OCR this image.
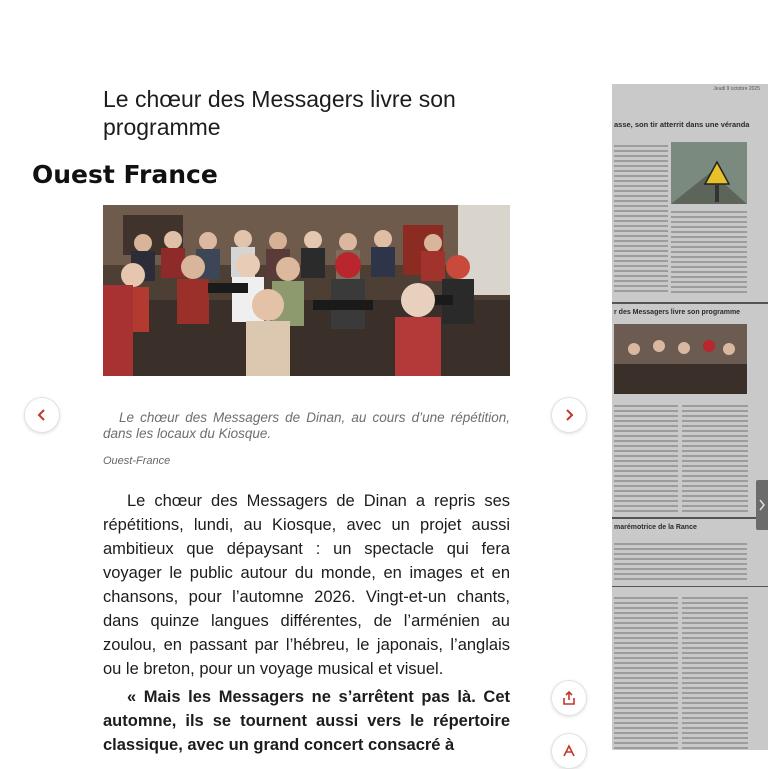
Le chœur des Messagers livre son programme
Ouest France
Le chœur des Messagers de Dinan, au cours d’une répétition, dans les locaux du Kiosque.
Ouest-France

Le chœur des Messagers de Dinan a repris ses répétitions, lundi, au Kiosque, avec un projet aussi ambitieux que dépaysant : un spectacle qui fera voyager le public autour du monde, en images et en chansons, pour l’automne 2026. Vingt-et-un chants, dans quinze langues différentes, de l’arménien au zoulou, en passant par l’hébreu, le japonais, l’anglais ou le breton, pour un voyage musical et visuel.

« Mais les Messagers ne s’arrêtent pas là. Cet automne, ils se tournent aussi vers le répertoire classique, avec un grand concert consacré à

Jeudi 9 octobre 2025
asse, son tir atterrit dans une véranda
r des Messagers livre son programme
marémotrice de la Rance
